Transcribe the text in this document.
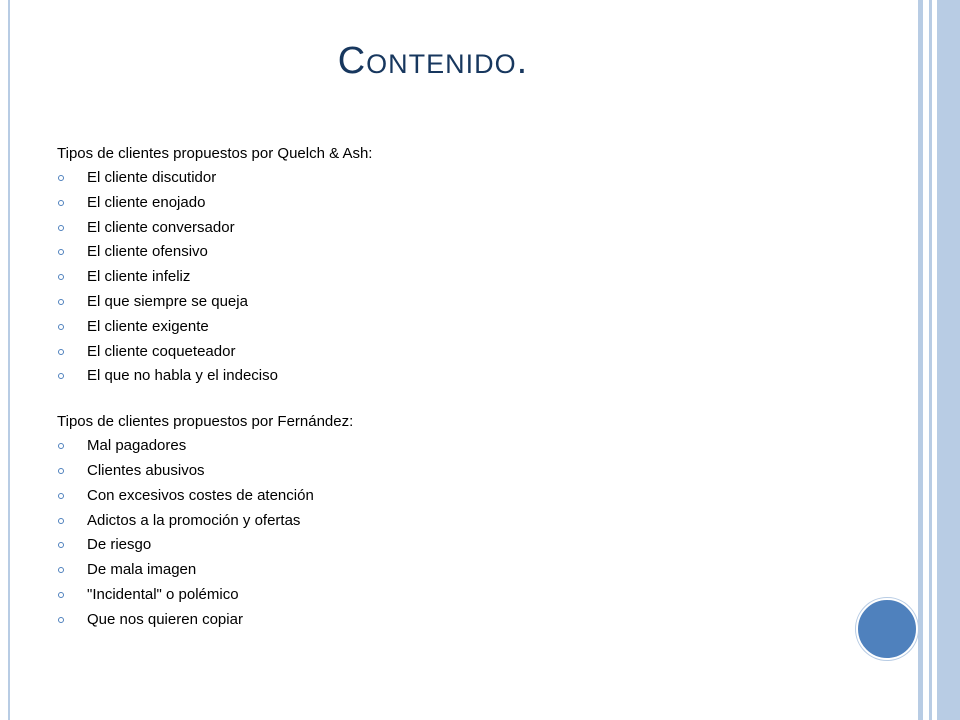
Contenido.
Tipos de clientes propuestos por Quelch & Ash:
El cliente discutidor
El cliente enojado
El cliente conversador
El cliente ofensivo
El cliente infeliz
El que siempre se queja
El cliente exigente
El cliente coqueteador
El que no habla y el indeciso
Tipos de clientes propuestos por Fernández:
Mal pagadores
Clientes abusivos
Con excesivos costes de atención
Adictos a la promoción y ofertas
De riesgo
De mala imagen
"Incidental" o polémico
Que nos quieren copiar
